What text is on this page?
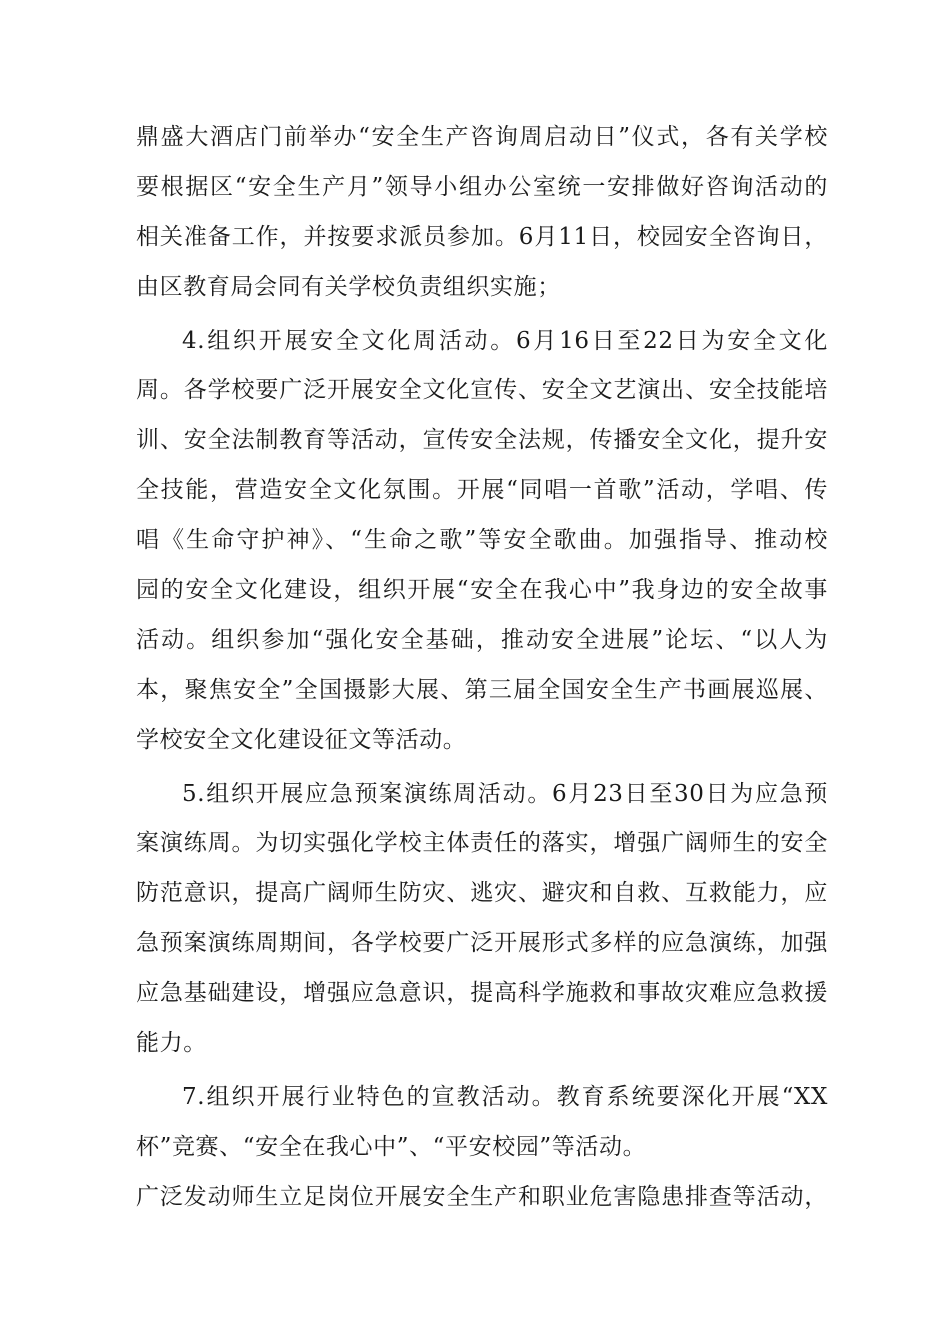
鼎盛大酒店门前举办“安全生产咨询周启动日”仪式，各有关学校
要根据区“安全生产月”领导小组办公室统一安排做好咨询活动的
相关准备工作，并按要求派员参加。6月11日，校园安全咨询日，
由区教育局会同有关学校负责组织实施；
4.组织开展安全文化周活动。6月16日至22日为安全文化
周。各学校要广泛开展安全文化宣传、安全文艺演出、安全技能培
训、安全法制教育等活动，宣传安全法规，传播安全文化，提升安
全技能，营造安全文化氛围。开展“同唱一首歌”活动，学唱、传
唱《生命守护神》、“生命之歌”等安全歌曲。加强指导、推动校
园的安全文化建设，组织开展“安全在我心中”我身边的安全故事
活动。组织参加“强化安全基础，推动安全进展”论坛、“以人为
本，聚焦安全”全国摄影大展、第三届全国安全生产书画展巡展、
学校安全文化建设征文等活动。
5.组织开展应急预案演练周活动。6月23日至30日为应急预
案演练周。为切实强化学校主体责任的落实，增强广阔师生的安全
防范意识，提高广阔师生防灾、逃灾、避灾和自救、互救能力，应
急预案演练周期间，各学校要广泛开展形式多样的应急演练，加强
应急基础建设，增强应急意识，提高科学施救和事故灾难应急救援
能力。
7.组织开展行业特色的宣教活动。教育系统要深化开展“XX
杯”竞赛、“安全在我心中”、“平安校园”等活动。
广泛发动师生立足岗位开展安全生产和职业危害隐患排查等活动，
